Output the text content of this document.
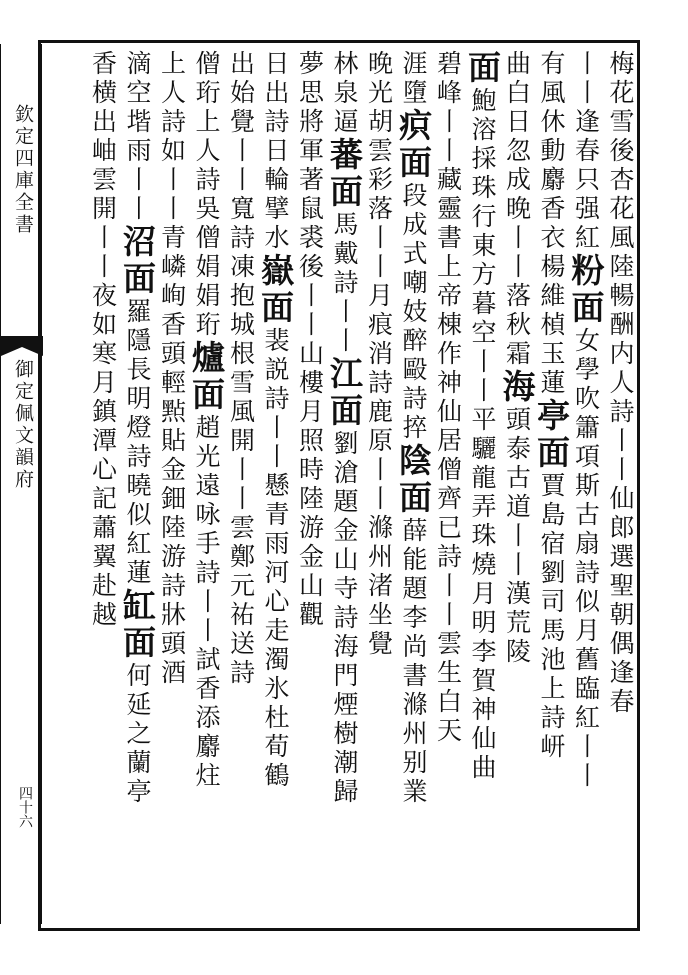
欽定四庫全書
御定佩文韻府
四十六
梅花雪後杏花風陸暢酬内人詩丨丨仙郎選聖朝偶逢春
丨丨逢春只强紅粉面女學吹簫項斯古扇詩似月舊臨紅丨丨
有風休動麝香衣楊維楨玉蓮亭面賈島宿劉司馬池上詩岍
曲白日忽成晚丨丨落秋霜海頭泰古道丨丨漢荒陵
面鮑溶採珠行東方暮空丨丨平驪龍弄珠燒月明李賀神仙曲
碧峰丨丨藏靈書上帝棟作神仙居僧齊已詩丨丨雲生白天
涯墮疻面段成式嘲妓醉毆詩捽陰面薛能題李尚書滌州别業
晚光胡雲彩落丨丨月痕消詩鹿原丨丨滌州渚坐覺
林泉逼蕃面馬戴詩丨丨江面劉滄題金山寺詩海門煙樹潮歸
夢思將軍著鼠裘後丨丨山樓月照時陸游金山觀
日出詩日輪擘水嶽面裴説詩丨丨懸青雨河心走濁氷杜荀鶴
出始覺丨丨寬詩凍抱城根雪風開丨丨雲鄭元祐送詩
僧珩上人詩吳僧娟娟珩爐面趙光遠咏手詩丨丨試香添麝炷
上人詩如丨丨青嶙峋香頭輕㸃貼金鈿陸游詩牀頭酒
滴空堦雨丨丨沼面羅隱長明燈詩曉似紅蓮缸面何延之蘭亭
香横出岫雲開丨丨夜如寒月鎮潭心記蕭翼赴越
